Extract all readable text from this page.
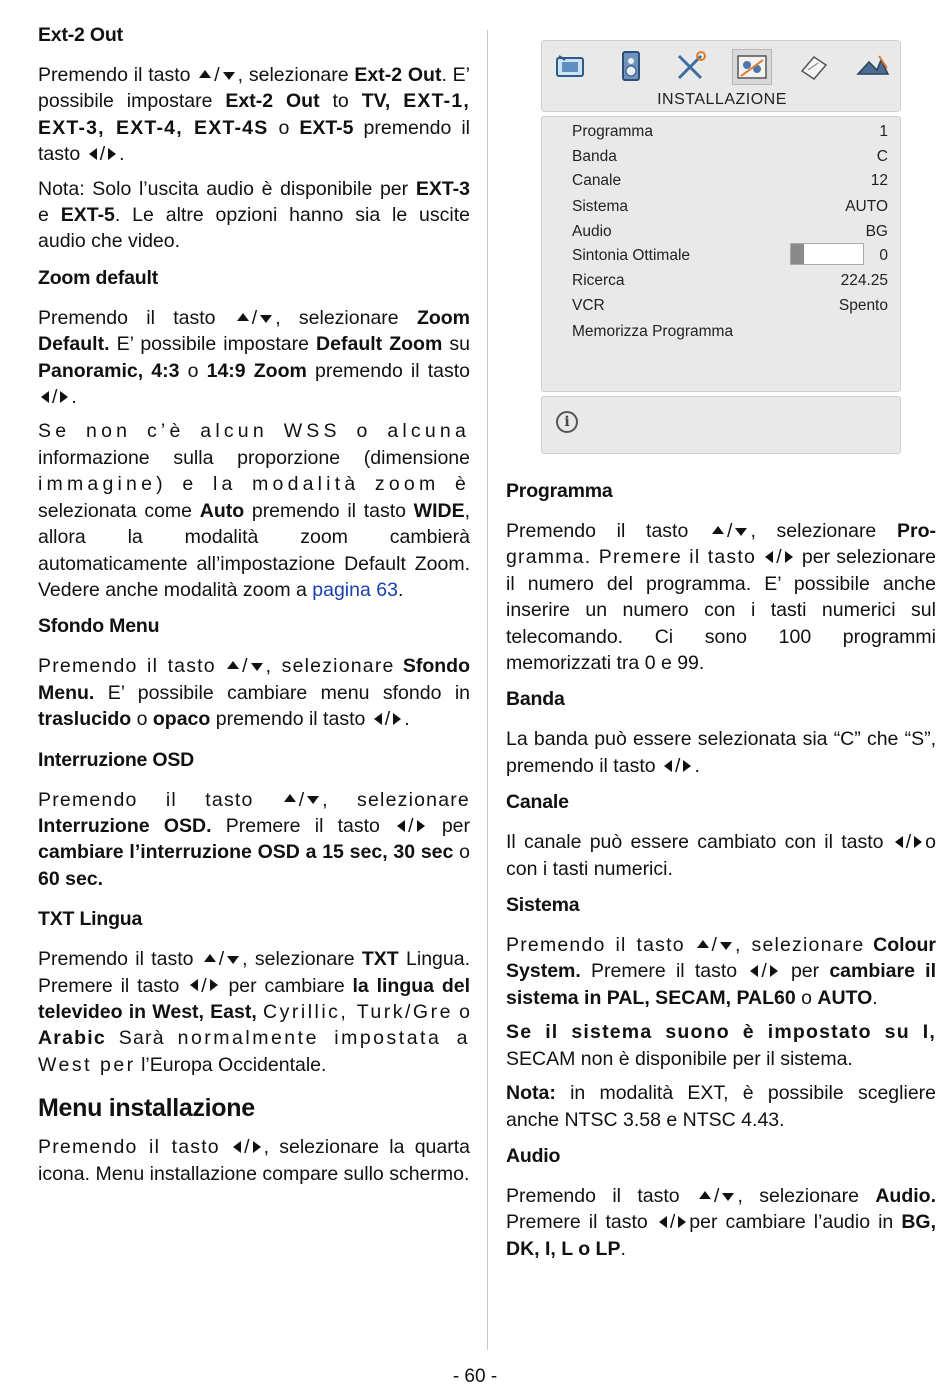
Ext-2 Out

Premendo il tasto / , selezionare Ext-2 Out. E’ possibile impostare Ext-2 Out to TV, EXT-1, EXT-3, EXT-4, EXT-4S o EXT-5 premendo il tasto / .

Nota: Solo l’uscita audio è disponibile per EXT-3 e EXT-5. Le altre opzioni hanno sia le uscite audio che video.

Zoom default

Premendo il tasto / , selezionare Zoom Default. E’ possibile impostare Default Zoom su Panoramic, 4:3 o 14:9 Zoom premendo il tasto / .

Se non c’è alcun WSS o alcuna informazione sulla proporzione (dimensione immagine) e la modalità zoom è selezionata come Auto premendo il tasto WIDE, allora la modalità zoom cambierà automaticamente all’impostazione Default Zoom. Vedere anche modalità zoom a pagina 63.

Sfondo Menu

Premendo il tasto / , selezionare Sfondo Menu. E’ possibile cambiare menu sfondo in traslucido o opaco premendo il tasto / .

Interruzione OSD

Premendo il tasto / , selezionare Interruzione OSD. Premere il tasto / per cambiare l’interruzione OSD a 15 sec, 30 sec o 60 sec.

TXT Lingua

Premendo il tasto / , selezionare TXT Lingua. Premere il tasto / per cambiare la lingua del televideo in West, East, Cyrillic, Turk/Gre o Arabic Sarà normalmente impostata a West per l’Europa Occidentale.

Menu installazione

Premendo il tasto / , selezionare la quarta icona. Menu installazione compare sullo schermo.

INSTALLAZIONE
Programma	1
Banda	C
Canale	12
Sistema	AUTO
Audio	BG
Sintonia Ottimale	0
Ricerca	224.25
VCR	Spento
Memorizza Programma
i
Programma

Premendo il tasto / , selezionare Pro- gramma. Premere il tasto / per selezionare il numero del programma. E’ possibile anche inserire un numero con i tasti numerici sul telecomando. Ci sono 100 programmi memorizzati tra 0 e 99.

Banda

La banda può essere selezionata sia “C” che “S”, premendo il tasto / .

Canale

Il canale può essere cambiato con il tasto / o con i tasti numerici.

Sistema

Premendo il tasto / , selezionare Colour System. Premere il tasto / per cambiare il sistema in PAL, SECAM, PAL60 o AUTO.

Se il sistema suono è impostato su I, SECAM non è disponibile per il sistema.

Nota: in modalità EXT, è possibile scegliere anche NTSC 3.58 e NTSC 4.43.

Audio

Premendo il tasto / , selezionare Audio. Premere il tasto / per cambiare l’audio in BG, DK, I, L o LP.

- 60 -
